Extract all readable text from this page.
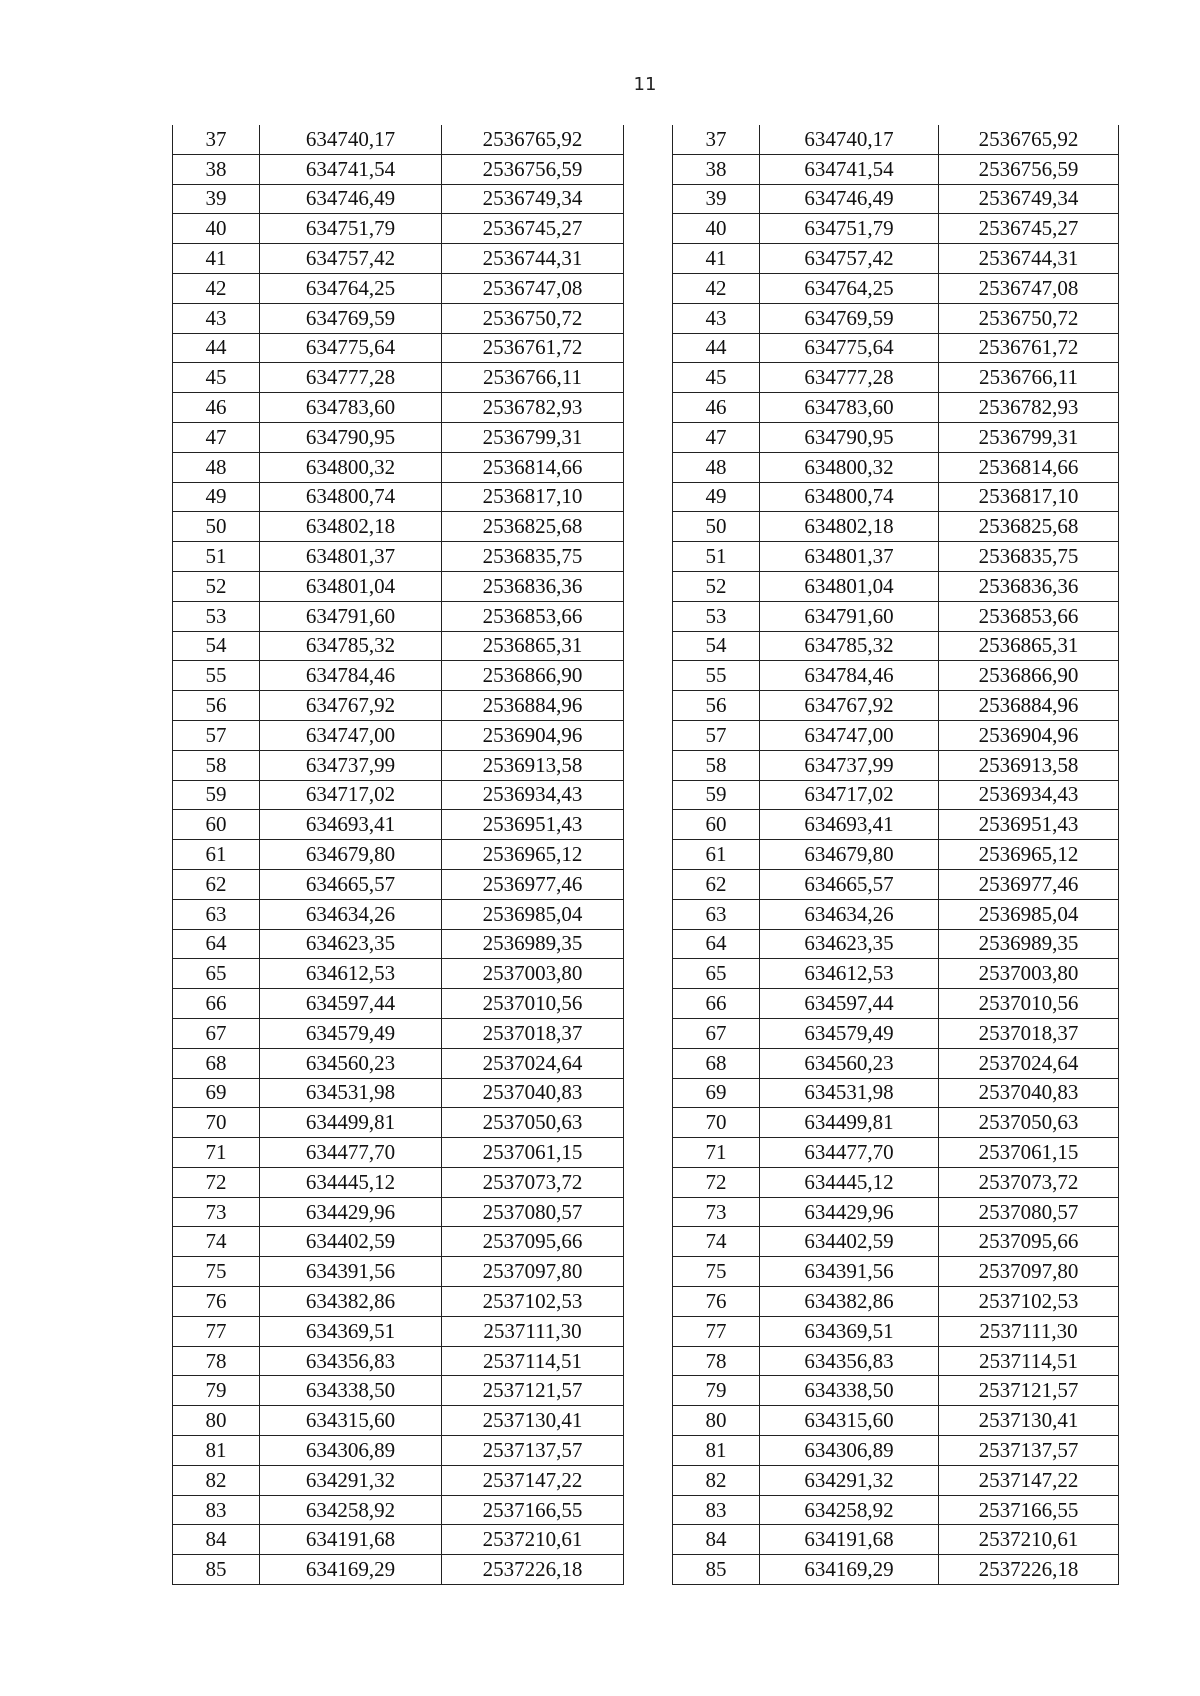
11
37	634740,17	2536765,92		37	634740,17	2536765,92
38	634741,54	2536756,59		38	634741,54	2536756,59
39	634746,49	2536749,34		39	634746,49	2536749,34
40	634751,79	2536745,27		40	634751,79	2536745,27
41	634757,42	2536744,31		41	634757,42	2536744,31
42	634764,25	2536747,08		42	634764,25	2536747,08
43	634769,59	2536750,72		43	634769,59	2536750,72
44	634775,64	2536761,72		44	634775,64	2536761,72
45	634777,28	2536766,11		45	634777,28	2536766,11
46	634783,60	2536782,93		46	634783,60	2536782,93
47	634790,95	2536799,31		47	634790,95	2536799,31
48	634800,32	2536814,66		48	634800,32	2536814,66
49	634800,74	2536817,10		49	634800,74	2536817,10
50	634802,18	2536825,68		50	634802,18	2536825,68
51	634801,37	2536835,75		51	634801,37	2536835,75
52	634801,04	2536836,36		52	634801,04	2536836,36
53	634791,60	2536853,66		53	634791,60	2536853,66
54	634785,32	2536865,31		54	634785,32	2536865,31
55	634784,46	2536866,90		55	634784,46	2536866,90
56	634767,92	2536884,96		56	634767,92	2536884,96
57	634747,00	2536904,96		57	634747,00	2536904,96
58	634737,99	2536913,58		58	634737,99	2536913,58
59	634717,02	2536934,43		59	634717,02	2536934,43
60	634693,41	2536951,43		60	634693,41	2536951,43
61	634679,80	2536965,12		61	634679,80	2536965,12
62	634665,57	2536977,46		62	634665,57	2536977,46
63	634634,26	2536985,04		63	634634,26	2536985,04
64	634623,35	2536989,35		64	634623,35	2536989,35
65	634612,53	2537003,80		65	634612,53	2537003,80
66	634597,44	2537010,56		66	634597,44	2537010,56
67	634579,49	2537018,37		67	634579,49	2537018,37
68	634560,23	2537024,64		68	634560,23	2537024,64
69	634531,98	2537040,83		69	634531,98	2537040,83
70	634499,81	2537050,63		70	634499,81	2537050,63
71	634477,70	2537061,15		71	634477,70	2537061,15
72	634445,12	2537073,72		72	634445,12	2537073,72
73	634429,96	2537080,57		73	634429,96	2537080,57
74	634402,59	2537095,66		74	634402,59	2537095,66
75	634391,56	2537097,80		75	634391,56	2537097,80
76	634382,86	2537102,53		76	634382,86	2537102,53
77	634369,51	2537111,30		77	634369,51	2537111,30
78	634356,83	2537114,51		78	634356,83	2537114,51
79	634338,50	2537121,57		79	634338,50	2537121,57
80	634315,60	2537130,41		80	634315,60	2537130,41
81	634306,89	2537137,57		81	634306,89	2537137,57
82	634291,32	2537147,22		82	634291,32	2537147,22
83	634258,92	2537166,55		83	634258,92	2537166,55
84	634191,68	2537210,61		84	634191,68	2537210,61
85	634169,29	2537226,18		85	634169,29	2537226,18
